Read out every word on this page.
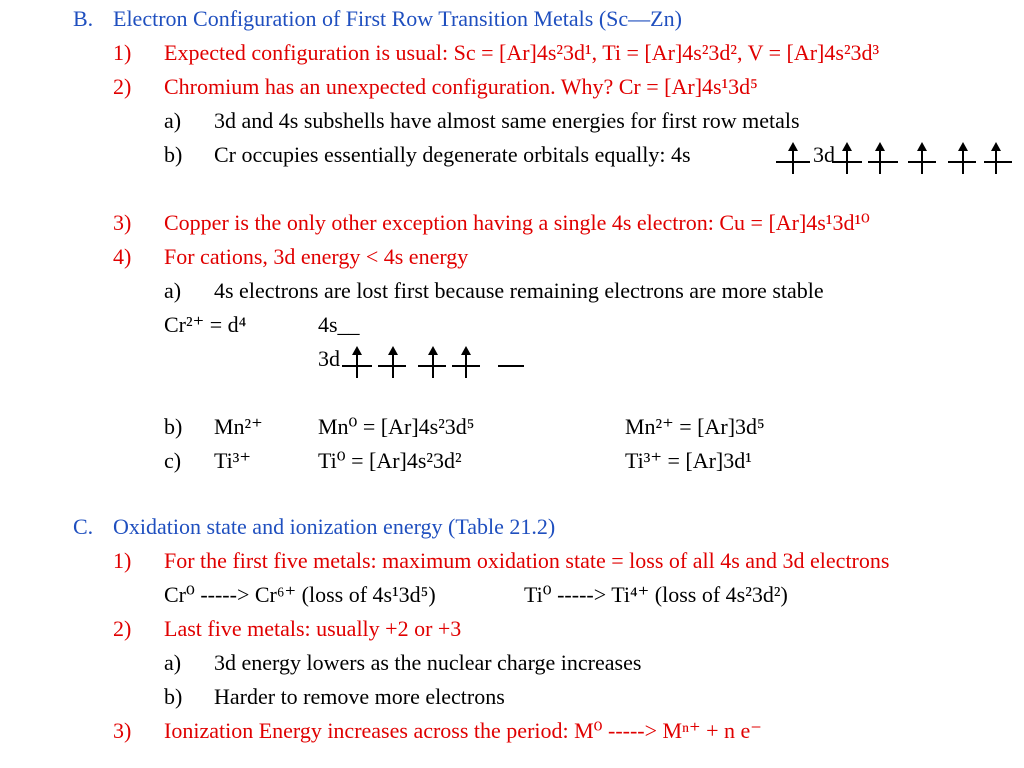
B. Electron Configuration of First Row Transition Metals (Sc—Zn)
1) Expected configuration is usual: Sc = [Ar]4s²3d¹, Ti = [Ar]4s²3d², V = [Ar]4s²3d³
2) Chromium has an unexpected configuration. Why? Cr = [Ar]4s¹3d⁵
a) 3d and 4s subshells have almost same energies for first row metals
b) Cr occupies essentially degenerate orbitals equally: 4s	3d
3) Copper is the only other exception having a single 4s electron: Cu = [Ar]4s¹3d¹⁰
4) For cations, 3d energy < 4s energy
a) 4s electrons are lost first because remaining electrons are more stable
Cr²⁺ = d⁴	4s__
3d
b) Mn²⁺	Mn⁰ = [Ar]4s²3d⁵	Mn²⁺ = [Ar]3d⁵
c) Ti³⁺	Ti⁰ = [Ar]4s²3d²	Ti³⁺ = [Ar]3d¹
C. Oxidation state and ionization energy (Table 21.2)
1) For the first five metals: maximum oxidation state = loss of all 4s and 3d electrons
Cr⁰ -----> Cr⁶⁺ (loss of 4s¹3d⁵)	Ti⁰ -----> Ti⁴⁺ (loss of 4s²3d²)
2) Last five metals: usually +2 or +3
a) 3d energy lowers as the nuclear charge increases
b) Harder to remove more electrons
3) Ionization Energy increases across the period: M⁰ -----> Mⁿ⁺ + n e⁻
